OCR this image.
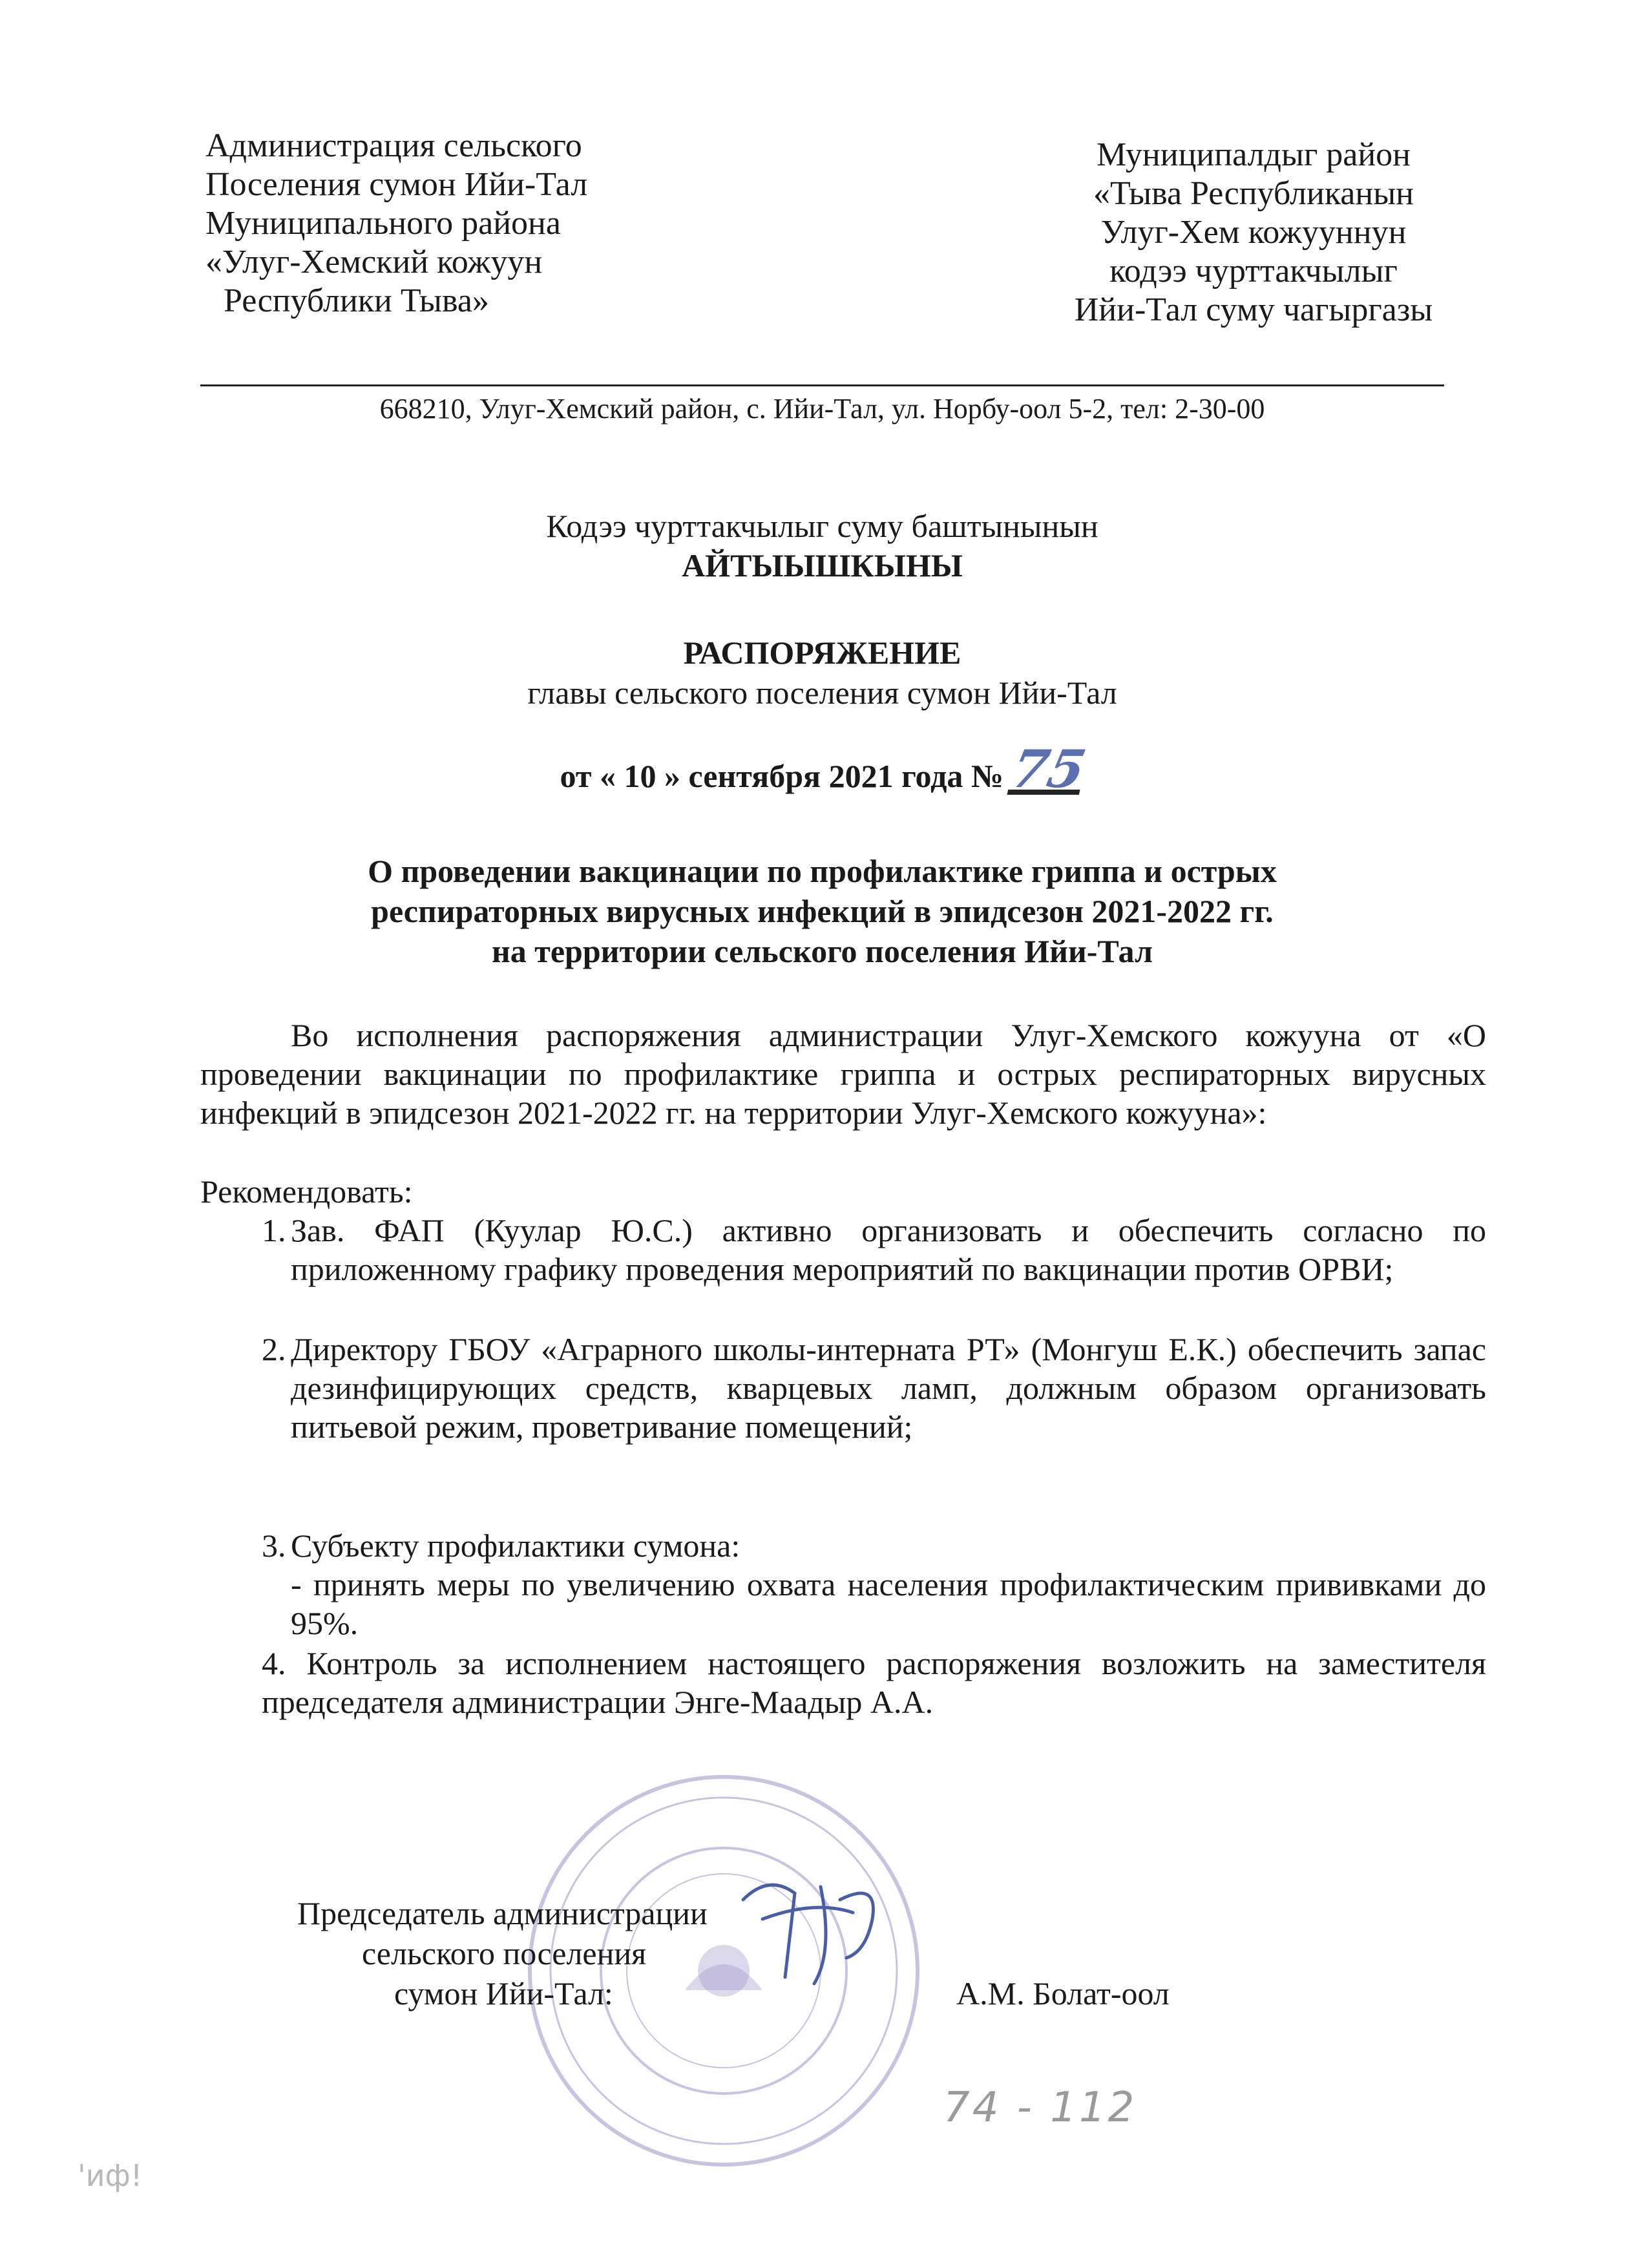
Администрация сельского
Поселения сумон Ийи-Тал
Муниципального района
«Улуг-Хемский кожуун
Республики Тыва»
Муниципалдыг район
«Тыва Республиканын
Улуг-Хем кожууннун
кодээ чурттакчылыг
Ийи-Тал суму чагыргазы
668210, Улуг-Хемский район, с. Ийи-Тал, ул. Норбу-оол 5-2, тел: 2-30-00
Кодээ чурттакчылыг суму баштынынын
АЙТЫЫШКЫНЫ
РАСПОРЯЖЕНИЕ
главы сельского поселения сумон Ийи-Тал
от « 10 » сентября 2021 года №75
О проведении вакцинации по профилактике гриппа и острых
респираторных вирусных инфекций в эпидсезон 2021-2022 гг.
на территории сельского поселения Ийи-Тал
Во исполнения распоряжения администрации Улуг-Хемского кожууна от «О проведении вакцинации по профилактике гриппа и острых респираторных вирусных инфекций в эпидсезон 2021-2022 гг. на территории Улуг-Хемского кожууна»:
Рекомендовать:
1. Зав. ФАП (Куулар Ю.С.) активно организовать и обеспечить согласно по приложенному графику проведения мероприятий по вакцинации против ОРВИ;
2. Директору ГБОУ «Аграрного школы-интерната РТ» (Монгуш Е.К.) обеспечить запас дезинфицирующих средств, кварцевых ламп, должным образом организовать питьевой режим, проветривание помещений;
3. Субъекту профилактики сумона:
- принять меры по увеличению охвата населения профилактическим прививками до 95%.
4. Контроль за исполнением настоящего распоряжения возложить на заместителя председателя администрации Энге-Маадыр А.А.
Председатель администрации
сельского поселения
сумон Ийи-Тал:	А.М. Болат-оол
74 - 112
'иф!
